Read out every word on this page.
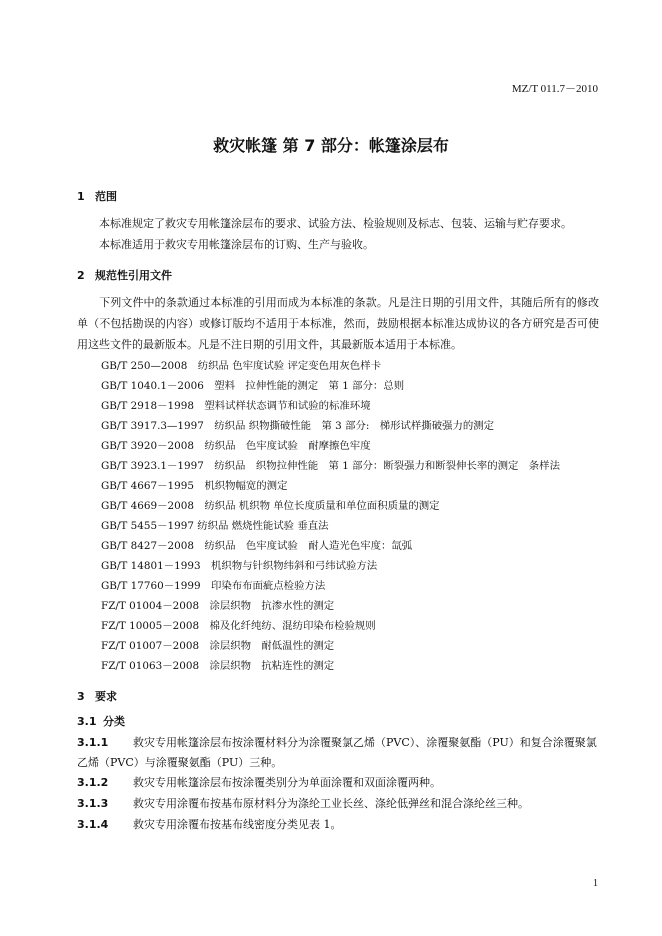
MZ/T 011.7－2010
救灾帐篷 第 7 部分：帐篷涂层布
1 范围
本标准规定了救灾专用帐篷涂层布的要求、试验方法、检验规则及标志、包装、运输与贮存要求。
本标准适用于救灾专用帐篷涂层布的订购、生产与验收。
2 规范性引用文件
下列文件中的条款通过本标准的引用而成为本标准的条款。凡是注日期的引用文件，其随后所有的修改单（不包括勘误的内容）或修订版均不适用于本标准，然而，鼓励根据本标准达成协议的各方研究是否可使用这些文件的最新版本。凡是不注日期的引用文件，其最新版本适用于本标准。
GB/T 250—2008　纺织品 色牢度试验 评定变色用灰色样卡
GB/T 1040.1－2006　塑料　拉伸性能的测定　第 1 部分：总则
GB/T 2918－1998　塑料试样状态调节和试验的标准环境
GB/T 3917.3—1997　纺织品 织物撕破性能　第 3 部分:　梯形试样撕破强力的测定
GB/T 3920－2008　纺织品　色牢度试验　耐摩擦色牢度
GB/T 3923.1－1997　纺织品　织物拉伸性能　第 1 部分：断裂强力和断裂伸长率的测定　条样法
GB/T 4667－1995　机织物幅宽的测定
GB/T 4669－2008　纺织品 机织物 单位长度质量和单位面积质量的测定
GB/T 5455－1997 纺织品 燃烧性能试验 垂直法
GB/T 8427－2008　纺织品　色牢度试验　耐人造光色牢度：氙弧
GB/T 14801－1993　机织物与针织物纬斜和弓纬试验方法
GB/T 17760－1999　印染布布面疵点检验方法
FZ/T 01004－2008　涂层织物　抗渗水性的测定
FZ/T 10005－2008　棉及化纤纯纺、混纺印染布检验规则
FZ/T 01007－2008　涂层织物　耐低温性的测定
FZ/T 01063－2008　涂层织物　抗粘连性的测定
3 要求
3.1 分类
3.1.1 救灾专用帐篷涂层布按涂覆材料分为涂覆聚氯乙烯（PVC）、涂覆聚氨酯（PU）和复合涂覆聚氯乙烯（PVC）与涂覆聚氨酯（PU）三种。
3.1.2 救灾专用帐篷涂层布按涂覆类别分为单面涂覆和双面涂覆两种。
3.1.3 救灾专用涂覆布按基布原材料分为涤纶工业长丝、涤纶低弹丝和混合涤纶丝三种。
3.1.4 救灾专用涂覆布按基布线密度分类见表 1。
1
